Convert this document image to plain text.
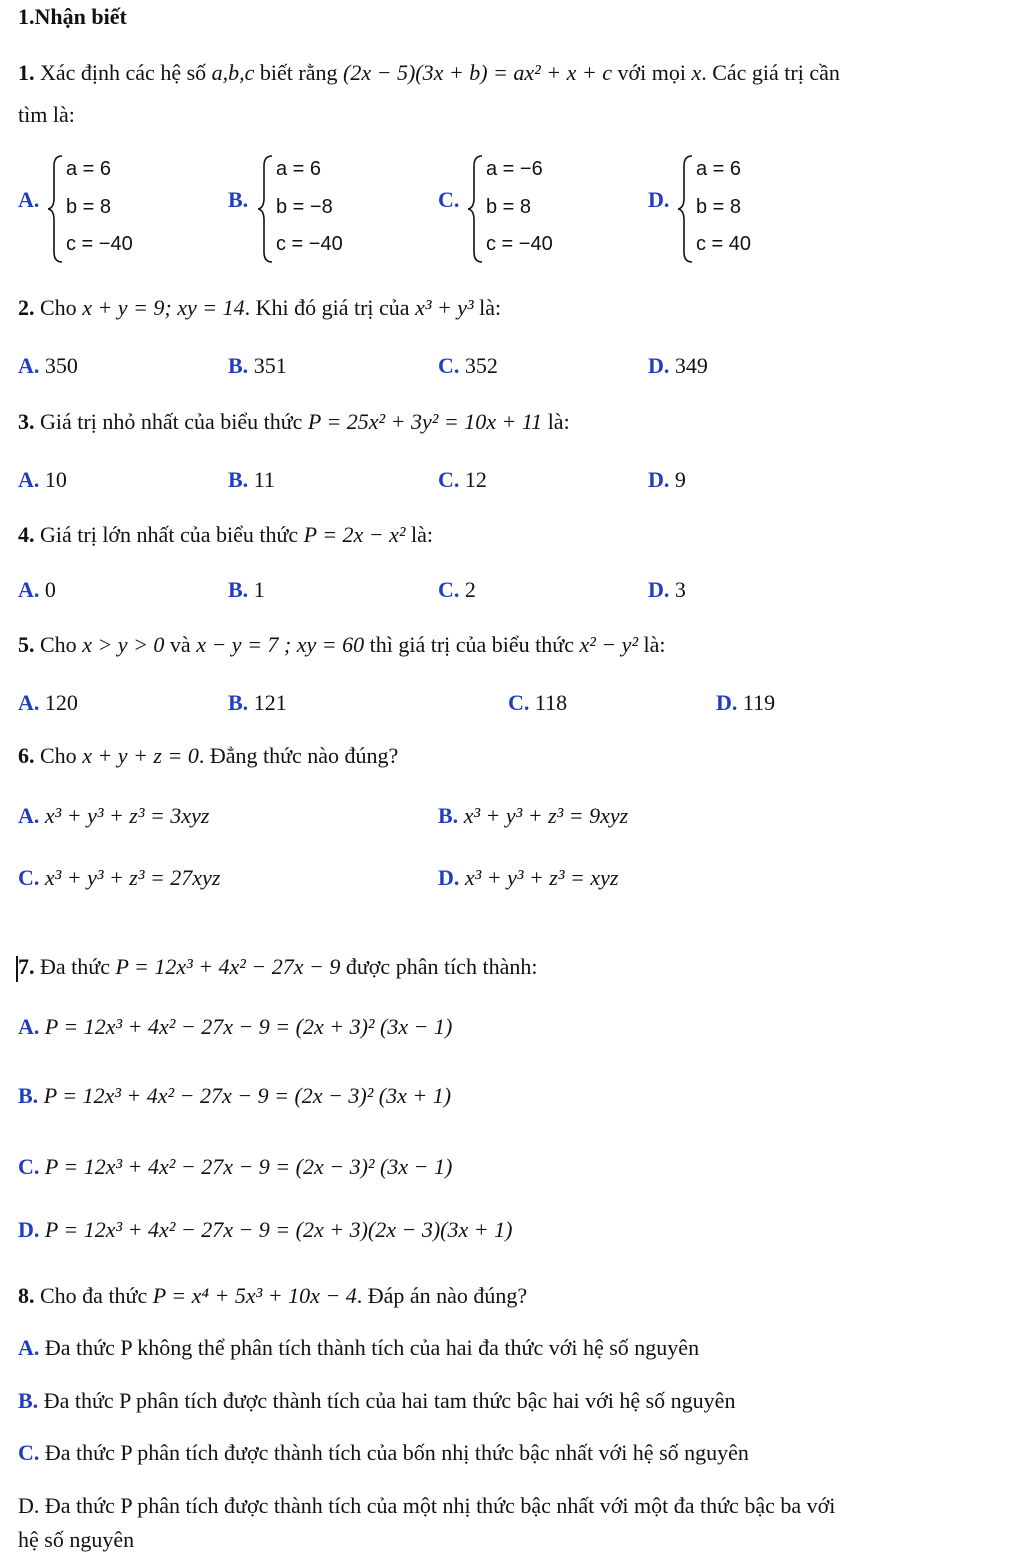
1.Nhận biết
1. Xác định các hệ số a,b,c biết rằng (2x − 5)(3x + b) = ax² + x + c với mọi x. Các giá trị cần
tìm là:
A.
a = 6
b = 8
c = −40
B.
a = 6
b = −8
c = −40
C.
a = −6
b = 8
c = −40
D.
a = 6
b = 8
c = 40
2. Cho x + y = 9; xy = 14. Khi đó giá trị của x³ + y³ là:
A. 350	B. 351	C. 352	D. 349
3. Giá trị nhỏ nhất của biểu thức P = 25x² + 3y² = 10x + 11 là:
A. 10	B. 11	C. 12	D. 9
4. Giá trị lớn nhất của biểu thức P = 2x − x² là:
A. 0	B. 1	C. 2	D. 3
5. Cho x > y > 0 và x − y = 7 ; xy = 60 thì giá trị của biểu thức x² − y² là:
A. 120	B. 121	C. 118	D. 119
6. Cho x + y + z = 0. Đẳng thức nào đúng?
A. x³ + y³ + z³ = 3xyz	B. x³ + y³ + z³ = 9xyz
C. x³ + y³ + z³ = 27xyz	D. x³ + y³ + z³ = xyz
7. Đa thức P = 12x³ + 4x² − 27x − 9 được phân tích thành:
A. P = 12x³ + 4x² − 27x − 9 = (2x + 3)² (3x − 1)
B. P = 12x³ + 4x² − 27x − 9 = (2x − 3)² (3x + 1)
C. P = 12x³ + 4x² − 27x − 9 = (2x − 3)² (3x − 1)
D. P = 12x³ + 4x² − 27x − 9 = (2x + 3)(2x − 3)(3x + 1)
8. Cho đa thức P = x⁴ + 5x³ + 10x − 4. Đáp án nào đúng?
A. Đa thức P không thể phân tích thành tích của hai đa thức với hệ số nguyên
B. Đa thức P phân tích được thành tích của hai tam thức bậc hai với hệ số nguyên
C. Đa thức P phân tích được thành tích của bốn nhị thức bậc nhất với hệ số nguyên
D. Đa thức P phân tích được thành tích của một nhị thức bậc nhất với một đa thức bậc ba với
hệ số nguyên
